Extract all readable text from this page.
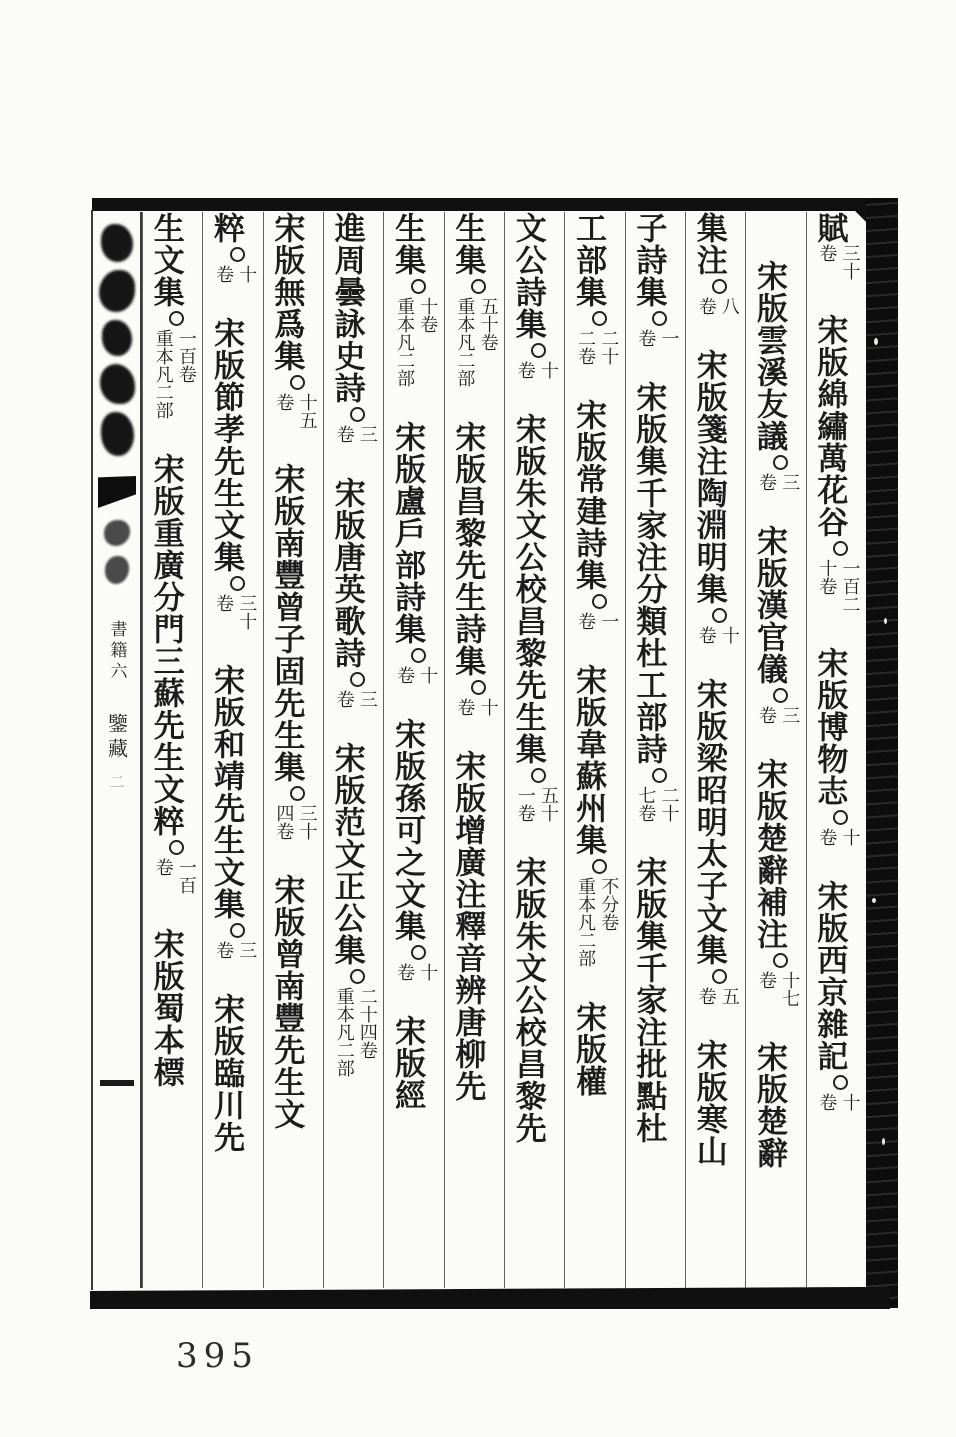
書籍六
鑒藏
二
賦
三十
卷
宋版綿繡萬花谷
一百二
十卷
宋版博物志
十
卷
宋版西京雜記
十
卷
宋版雲溪友議
三
卷
宋版漢官儀
三
卷
宋版楚辭補注
十七
卷
宋版楚辭
集注
八
卷
宋版箋注陶淵明集
十
卷
宋版梁昭明太子文集
五
卷
宋版寒山
子詩集
一
卷
宋版集千家注分類杜工部詩
二十
七卷
宋版集千家注批點杜
工部集
二十
二卷
宋版常建詩集
一
卷
宋版韋蘇州集
不分卷
重本凡二部
宋版權
文公詩集
十
卷
宋版朱文公校昌黎先生集
五十
一卷
宋版朱文公校昌黎先
生集
五十卷
重本凡二部
宋版昌黎先生詩集
十
卷
宋版增廣注釋音辨唐柳先
生集
十卷
重本凡二部
宋版盧戶部詩集
十
卷
宋版孫可之文集
十
卷
宋版經
進周曇詠史詩
三
卷
宋版唐英歌詩
三
卷
宋版范文正公集
二十四卷
重本凡二部
宋版無爲集
十五
卷
宋版南豐曾子固先生集
三十
四卷
宋版曾南豐先生文
粹
十
卷
宋版節孝先生文集
三十
卷
宋版和靖先生文集
三
卷
宋版臨川先
生文集
一百卷
重本凡二部
宋版重廣分門三蘇先生文粹
一百
卷
宋版蜀本標
395
